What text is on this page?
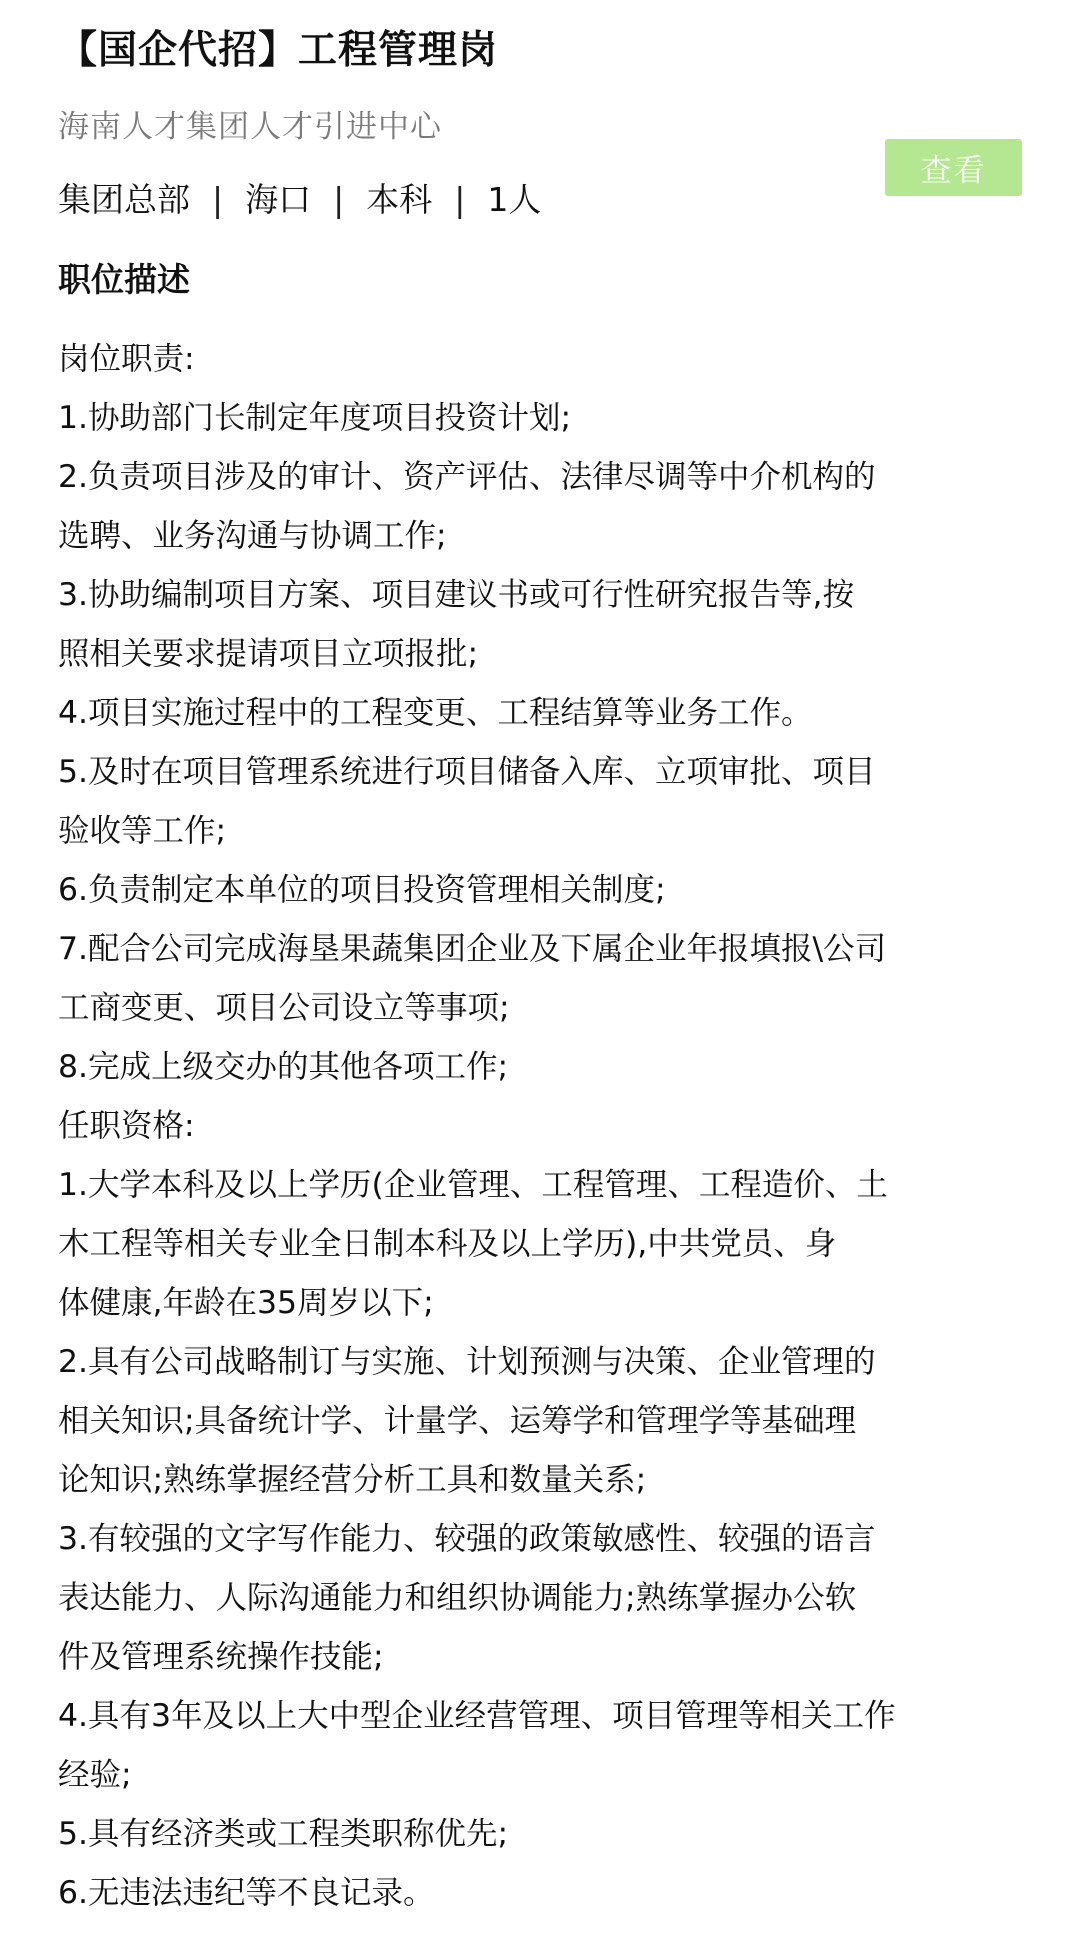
【国企代招】工程管理岗
海南人才集团人才引进中心
集团总部 | 海口 | 本科 | 1人
查看
职位描述
岗位职责:
1.协助部门长制定年度项目投资计划;
2.负责项目涉及的审计、资产评估、法律尽调等中介机构的
选聘、业务沟通与协调工作;
3.协助编制项目方案、项目建议书或可行性研究报告等,按
照相关要求提请项目立项报批;
4.项目实施过程中的工程变更、工程结算等业务工作。
5.及时在项目管理系统进行项目储备入库、立项审批、项目
验收等工作;
6.负责制定本单位的项目投资管理相关制度;
7.配合公司完成海垦果蔬集团企业及下属企业年报填报\公司
工商变更、项目公司设立等事项;
8.完成上级交办的其他各项工作;
任职资格:
1.大学本科及以上学历(企业管理、工程管理、工程造价、土
木工程等相关专业全日制本科及以上学历),中共党员、身
体健康,年龄在35周岁以下;
2.具有公司战略制订与实施、计划预测与决策、企业管理的
相关知识;具备统计学、计量学、运筹学和管理学等基础理
论知识;熟练掌握经营分析工具和数量关系;
3.有较强的文字写作能力、较强的政策敏感性、较强的语言
表达能力、人际沟通能力和组织协调能力;熟练掌握办公软
件及管理系统操作技能;
4.具有3年及以上大中型企业经营管理、项目管理等相关工作
经验;
5.具有经济类或工程类职称优先;
6.无违法违纪等不良记录。
